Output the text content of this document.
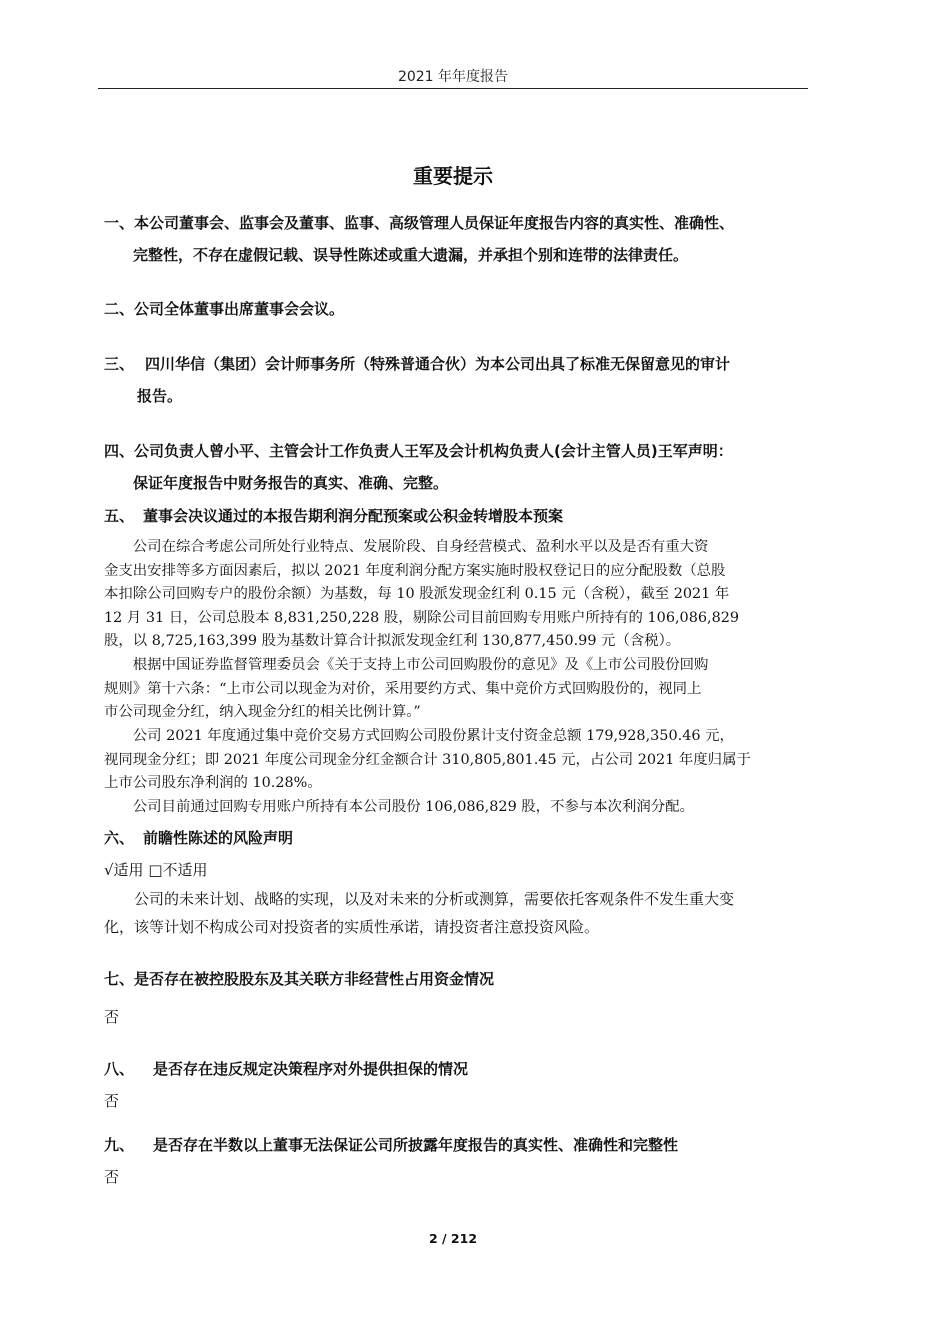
2021 年年度报告
重要提示
一、本公司董事会、监事会及董事、监事、高级管理人员保证年度报告内容的真实性、准确性、
完整性，不存在虚假记载、误导性陈述或重大遗漏，并承担个别和连带的法律责任。
二、公司全体董事出席董事会会议。
三、 四川华信（集团）会计师事务所（特殊普通合伙）为本公司出具了标准无保留意见的审计
报告。
四、公司负责人曾小平、主管会计工作负责人王军及会计机构负责人(会计主管人员)王军声明：
保证年度报告中财务报告的真实、准确、完整。
五、 董事会决议通过的本报告期利润分配预案或公积金转增股本预案
　　公司在综合考虑公司所处行业特点、发展阶段、自身经营模式、盈利水平以及是否有重大资
金支出安排等多方面因素后，拟以 2021 年度利润分配方案实施时股权登记日的应分配股数（总股
本扣除公司回购专户的股份余额）为基数，每 10 股派发现金红利 0.15 元（含税），截至 2021 年
12 月 31 日，公司总股本 8,831,250,228 股，剔除公司目前回购专用账户所持有的 106,086,829
股，以 8,725,163,399 股为基数计算合计拟派发现金红利 130,877,450.99 元（含税）。
　　根据中国证券监督管理委员会《关于支持上市公司回购股份的意见》及《上市公司股份回购
规则》第十六条：“上市公司以现金为对价，采用要约方式、集中竞价方式回购股份的，视同上
市公司现金分红，纳入现金分红的相关比例计算。”
　　公司 2021 年度通过集中竞价交易方式回购公司股份累计支付资金总额 179,928,350.46 元，
视同现金分红；即 2021 年度公司现金分红金额合计 310,805,801.45 元，占公司 2021 年度归属于
上市公司股东净利润的 10.28%。
　　公司目前通过回购专用账户所持有本公司股份 106,086,829 股，不参与本次利润分配。
六、 前瞻性陈述的风险声明
√适用 □不适用
　　公司的未来计划、战略的实现，以及对未来的分析或测算，需要依托客观条件不发生重大变
化，该等计划不构成公司对投资者的实质性承诺，请投资者注意投资风险。
七、是否存在被控股股东及其关联方非经营性占用资金情况
否
八、 是否存在违反规定决策程序对外提供担保的情况
否
九、 是否存在半数以上董事无法保证公司所披露年度报告的真实性、准确性和完整性
否
2 / 212
